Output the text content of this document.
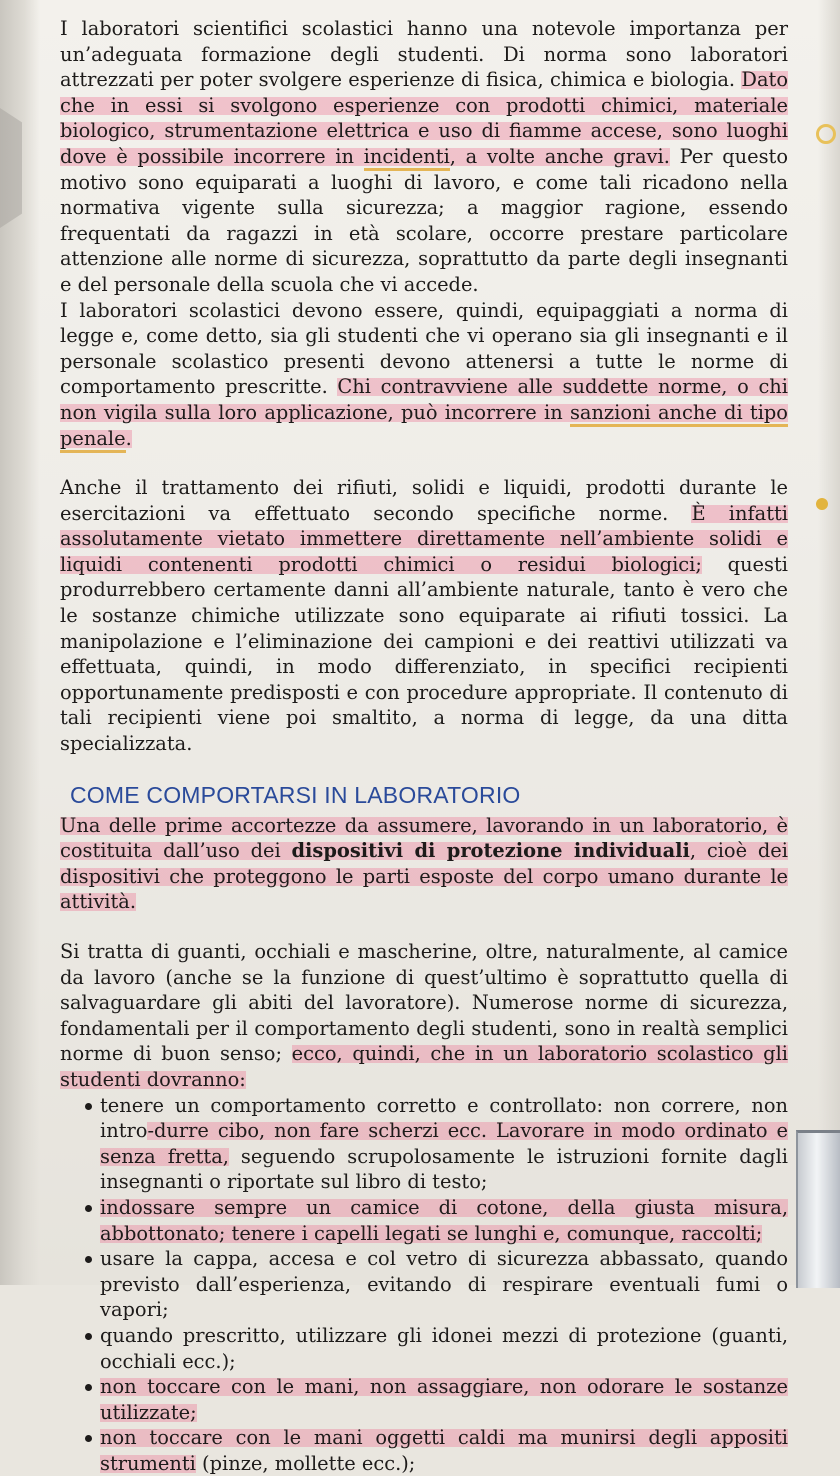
I laboratori scientifici scolastici hanno una notevole importanza per un’adeguata formazione degli studenti. Di norma sono laboratori attrezzati per poter svolgere esperienze di fisica, chimica e biologia. Dato che in essi si svolgono esperienze con prodotti chimici, materiale biologico, strumentazione elettrica e uso di fiamme accese, sono luoghi dove è possibile incorrere in incidenti, a volte anche gravi. Per questo motivo sono equiparati a luoghi di lavoro, e come tali ricadono nella normativa vigente sulla sicurezza; a maggior ragione, essendo frequentati da ragazzi in età scolare, occorre prestare particolare attenzione alle norme di sicurezza, soprattutto da parte degli insegnanti e del personale della scuola che vi accede.

I laboratori scolastici devono essere, quindi, equipaggiati a norma di legge e, come detto, sia gli studenti che vi operano sia gli insegnanti e il personale scolastico presenti devono attenersi a tutte le norme di comportamento prescritte. Chi contravviene alle suddette norme, o chi non vigila sulla loro applicazione, può incorrere in sanzioni anche di tipo penale.

Anche il trattamento dei rifiuti, solidi e liquidi, prodotti durante le esercitazioni va effettuato secondo specifiche norme. È infatti assolutamente vietato immettere direttamente nell’ambiente solidi e liquidi contenenti prodotti chimici o residui biologici; questi produrrebbero certamente danni all’ambiente naturale, tanto è vero che le sostanze chimiche utilizzate sono equiparate ai rifiuti tossici. La manipolazione e l’eliminazione dei campioni e dei reattivi utilizzati va effettuata, quindi, in modo differenziato, in specifici recipienti opportunamente predisposti e con procedure appropriate. Il contenuto di tali recipienti viene poi smaltito, a norma di legge, da una ditta specializzata.

COME COMPORTARSI IN LABORATORIO

Una delle prime accortezze da assumere, lavorando in un laboratorio, è costituita dall’uso dei dispositivi di protezione individuali, cioè dei dispositivi che proteggono le parti esposte del corpo umano durante le attività.

Si tratta di guanti, occhiali e mascherine, oltre, naturalmente, al camice da lavoro (anche se la funzione di quest’ultimo è soprattutto quella di salvaguardare gli abiti del lavoratore). Numerose norme di sicurezza, fondamentali per il comportamento degli studenti, sono in realtà semplici norme di buon senso; ecco, quindi, che in un laboratorio scolastico gli studenti dovranno:

tenere un comportamento corretto e controllato: non correre, non intro-durre cibo, non fare scherzi ecc. Lavorare in modo ordinato e senza fretta, seguendo scrupolosamente le istruzioni fornite dagli insegnanti o riportate sul libro di testo;
indossare sempre un camice di cotone, della giusta misura, abbottonato; tenere i capelli legati se lunghi e, comunque, raccolti;
usare la cappa, accesa e col vetro di sicurezza abbassato, quando previsto dall’esperienza, evitando di respirare eventuali fumi o vapori;
quando prescritto, utilizzare gli idonei mezzi di protezione (guanti, occhiali ecc.);
non toccare con le mani, non assaggiare, non odorare le sostanze utilizzate;
non toccare con le mani oggetti caldi ma munirsi degli appositi strumenti (pinze, mollette ecc.);
